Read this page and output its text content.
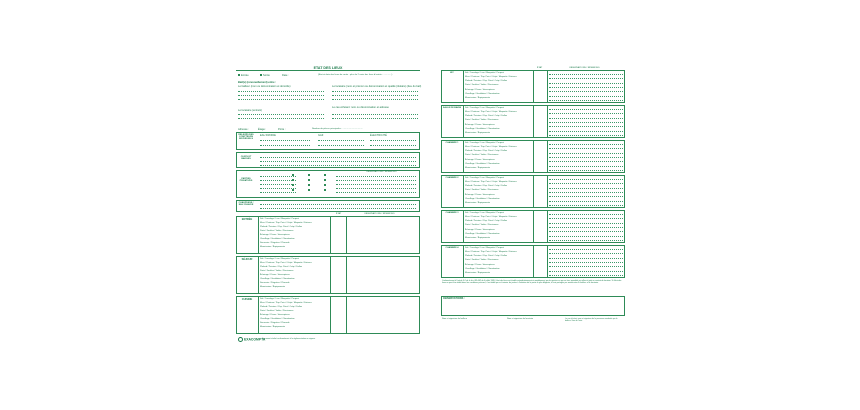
ETAT DES LIEUX
Entrée	Sortie	Date :	(Etat et date des lieux de sortie : plus de 2 mois des lieux d'entrée : ............ ).
Bail(s) (renouvellement) entre :
Le bailleur (nom ou dénomination et domicile)	Le locataire (nom et prénom ou dénomination et qualité (titulaire) (lieu du bail)
Le locataire (entrant)
Le cas échéant: nom ou dénomination et adresse
Adresse :	Étage :	Porte :	Nombre de pièces principales : .................................
RELEVÉS DES COMPTEURS INDIVIDUELS
EAU FROIDE	GAZ	ÉLECTRICITÉ
CLEFS ET BADGES
PARTIES PRIVATIVES
OBSERVATIONS / RÉSERVES
CHAUFFAGE / EAU CHAUDE
ÉTAT	OBSERVATIONS / RÉSERVES
ENTRÉE	Sol / Carrelage / Lino / Moquette / Parquet
Murs / Peinture / Pap. Peint / Crépi / Moquette / Faïence
Plafond / Peinture / Pap. Peint / Crépi / Dalles
Porte / Fenêtre / Volets / Persiennes
Éclairage / Prises / Interrupteurs
Chauffage / Ventilation / Climatisation
Serrurerie / Poignées / Placards
Menuiseries / Équipements
SÉJOUR	Sol / Carrelage / Lino / Moquette / Parquet
Murs / Peinture / Pap. Peint / Crépi / Moquette / Faïence
Plafond / Peinture / Pap. Peint / Crépi / Dalles
Porte / Fenêtre / Volets / Persiennes
Éclairage / Prises / Interrupteurs
Chauffage / Ventilation / Climatisation
Serrurerie / Poignées / Placards
Menuiseries / Équipements
CUISINE	Sol / Carrelage / Lino / Moquette / Parquet
Murs / Peinture / Pap. Peint / Crépi / Moquette / Faïence
Plafond / Peinture / Pap. Peint / Crépi / Dalles
Porte / Fenêtre / Volets / Persiennes
Éclairage / Prises / Interrupteurs
Chauffage / Ventilation / Climatisation
Serrurerie / Poignées / Placards
Menuiseries / Équipements
EXACOMPTA
Document réalisé conformément à la réglementation en vigueur
ÉTAT	OBSERVATIONS / RÉSERVES
WC	Sol / Carrelage / Lino / Moquette / Parquet
Murs / Peinture / Pap. Peint / Crépi / Moquette / Faïence
Plafond / Peinture / Pap. Peint / Crépi / Dalles
Porte / Fenêtre / Volets / Persiennes
Éclairage / Prises / Interrupteurs
Chauffage / Ventilation / Climatisation
Menuiseries / Équipements
SALLE DE BAINS	Sol / Carrelage / Lino / Moquette / Parquet
Murs / Peinture / Pap. Peint / Crépi / Moquette / Faïence
Plafond / Peinture / Pap. Peint / Crépi / Dalles
Porte / Fenêtre / Volets / Persiennes
Éclairage / Prises / Interrupteurs
Chauffage / Ventilation / Climatisation
Menuiseries / Équipements
CHAMBRE 1	Sol / Carrelage / Lino / Moquette / Parquet
Murs / Peinture / Pap. Peint / Crépi / Moquette / Faïence
Plafond / Peinture / Pap. Peint / Crépi / Dalles
Porte / Fenêtre / Volets / Persiennes
Éclairage / Prises / Interrupteurs
Chauffage / Ventilation / Climatisation
Menuiseries / Équipements
CHAMBRE 2	Sol / Carrelage / Lino / Moquette / Parquet
Murs / Peinture / Pap. Peint / Crépi / Moquette / Faïence
Plafond / Peinture / Pap. Peint / Crépi / Dalles
Porte / Fenêtre / Volets / Persiennes
Éclairage / Prises / Interrupteurs
Chauffage / Ventilation / Climatisation
Menuiseries / Équipements
CHAMBRE 3	Sol / Carrelage / Lino / Moquette / Parquet
Murs / Peinture / Pap. Peint / Crépi / Moquette / Faïence
Plafond / Peinture / Pap. Peint / Crépi / Dalles
Porte / Fenêtre / Volets / Persiennes
Éclairage / Prises / Interrupteurs
Chauffage / Ventilation / Climatisation
Menuiseries / Équipements
CHAMBRE 4	Sol / Carrelage / Lino / Moquette / Parquet
Murs / Peinture / Pap. Peint / Crépi / Moquette / Faïence
Plafond / Peinture / Pap. Peint / Crépi / Dalles
Porte / Fenêtre / Volets / Persiennes
Éclairage / Prises / Interrupteurs
Chauffage / Ventilation / Climatisation
Menuiseries / Équipements
Conformément à l'article 3-2 de la loi n°89-462 du 6 juillet 1989, l'état des lieux est établi contradictoirement et amiablement par les parties ou par un tiers mandaté par elles et joint au contrat de location. Si l'état des lieux ne peut être établi dans les conditions prévues, il est établi par un huissier de justice à l'initiative de la partie la plus diligente, à frais partagés par moitié entre le bailleur et le locataire.
OBSERVATIONS :
Nom et signature du bailleur	Nom et signature du locataire	Le cas échéant, nom et signature de la personne mandatée par le bailleur / lieu de l'acte
